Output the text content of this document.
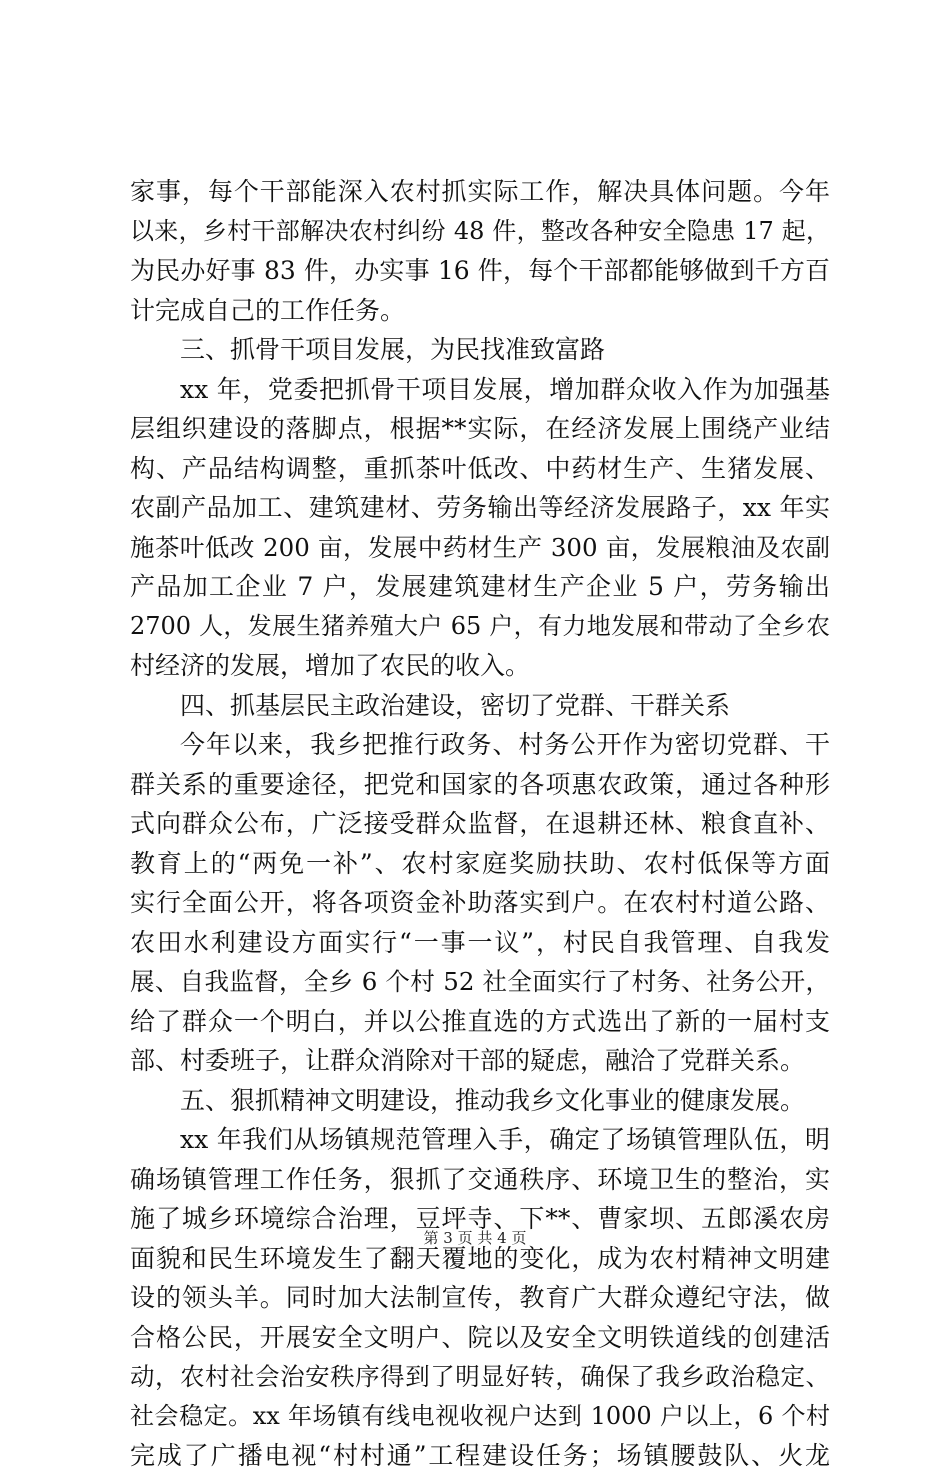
家事，每个干部能深入农村抓实际工作，解决具体问题。今年
以来，乡村干部解决农村纠纷 48 件，整改各种安全隐患 17 起，
为民办好事 83 件，办实事 16 件，每个干部都能够做到千方百
计完成自己的工作任务。
三、抓骨干项目发展，为民找准致富路
xx 年，党委把抓骨干项目发展，增加群众收入作为加强基
层组织建设的落脚点，根据**实际，在经济发展上围绕产业结
构、产品结构调整，重抓茶叶低改、中药材生产、生猪发展、
农副产品加工、建筑建材、劳务输出等经济发展路子，xx 年实
施茶叶低改 200 亩，发展中药材生产 300 亩，发展粮油及农副
产品加工企业 7 户，发展建筑建材生产企业 5 户，劳务输出
2700 人，发展生猪养殖大户 65 户，有力地发展和带动了全乡农
村经济的发展，增加了农民的收入。
四、抓基层民主政治建设，密切了党群、干群关系
今年以来，我乡把推行政务、村务公开作为密切党群、干
群关系的重要途径，把党和国家的各项惠农政策，通过各种形
式向群众公布，广泛接受群众监督，在退耕还林、粮食直补、
教育上的“两免一补”、农村家庭奖励扶助、农村低保等方面
实行全面公开，将各项资金补助落实到户。在农村村道公路、
农田水利建设方面实行“一事一议”，村民自我管理、自我发
展、自我监督，全乡 6 个村 52 社全面实行了村务、社务公开，
给了群众一个明白，并以公推直选的方式选出了新的一届村支
部、村委班子，让群众消除对干部的疑虑，融洽了党群关系。
五、狠抓精神文明建设，推动我乡文化事业的健康发展。
xx 年我们从场镇规范管理入手，确定了场镇管理队伍，明
确场镇管理工作任务，狠抓了交通秩序、环境卫生的整治，实
施了城乡环境综合治理，豆坪寺、下**、曹家坝、五郎溪农房
面貌和民生环境发生了翻天覆地的变化，成为农村精神文明建
设的领头羊。同时加大法制宣传，教育广大群众遵纪守法，做
合格公民，开展安全文明户、院以及安全文明铁道线的创建活
动，农村社会治安秩序得到了明显好转，确保了我乡政治稳定、
社会稳定。xx 年场镇有线电视收视户达到 1000 户以上，6 个村
完成了广播电视“村村通”工程建设任务；场镇腰鼓队、火龙
第 3 页 共 4 页
